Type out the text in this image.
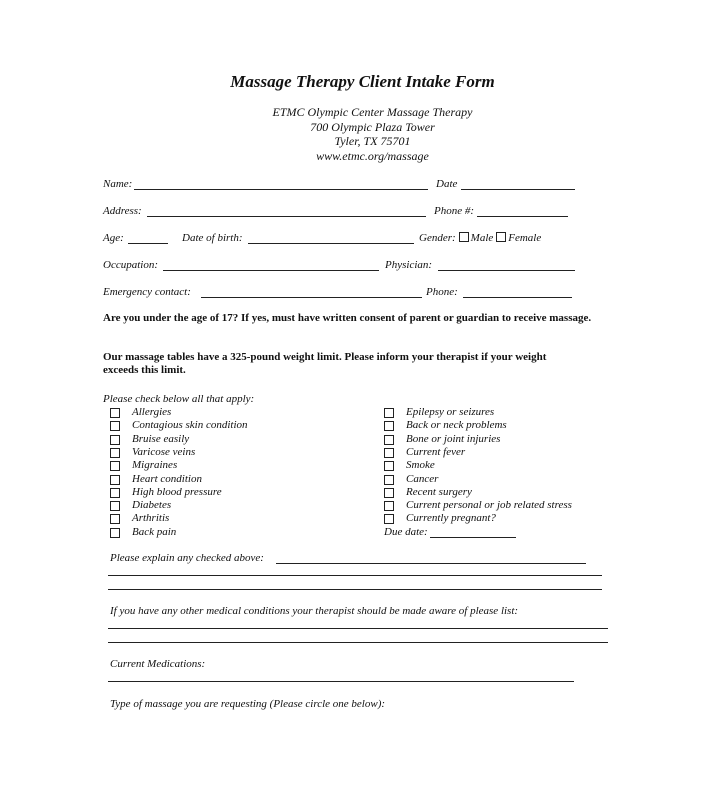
Massage Therapy Client Intake Form
ETMC Olympic Center Massage Therapy
700 Olympic Plaza Tower
Tyler, TX 75701
www.etmc.org/massage
Name:	Date
Address:	Phone #:
Age:	Date of birth:	Gender: Male Female
Occupation:	Physician:
Emergency contact:	Phone:
Are you under the age of 17? If yes, must have written consent of parent or guardian to receive massage.
Our massage tables have a 325-pound weight limit. Please inform your therapist if your weight
exceeds this limit.
Please check below all that apply:
Allergies
Contagious skin condition
Bruise easily
Varicose veins
Migraines
Heart condition
High blood pressure
Diabetes
Arthritis
Back pain
Epilepsy or seizures
Back or neck problems
Bone or joint injuries
Current fever
Smoke
Cancer
Recent surgery
Current personal or job related stress
Currently pregnant?
Due date:
Please explain any checked above:
If you have any other medical conditions your therapist should be made aware of please list:
Current Medications:
Type of massage you are requesting (Please circle one below):
